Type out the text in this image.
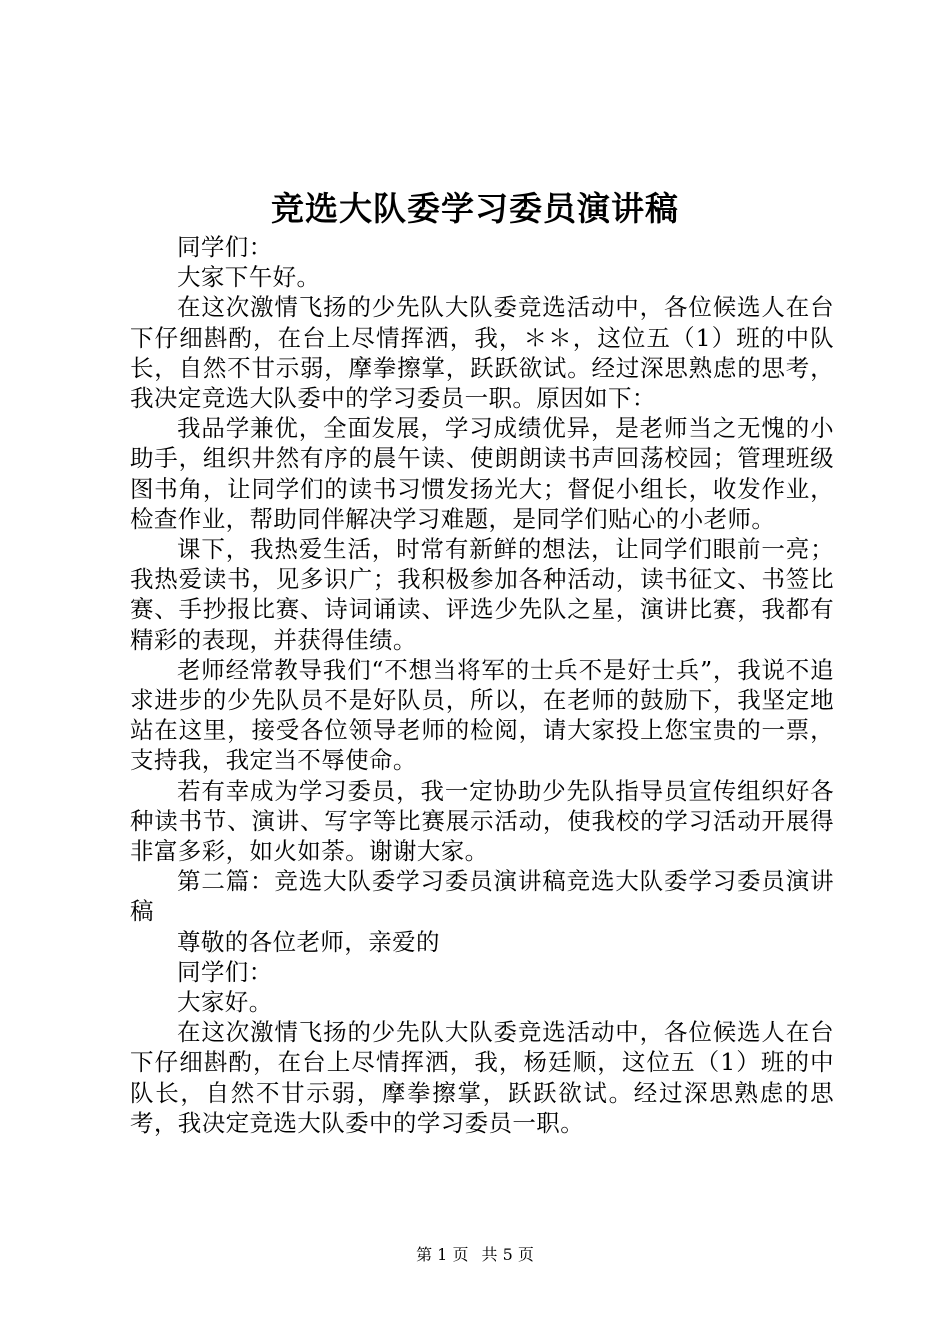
竞选大队委学习委员演讲稿

同学们：

大家下午好。

在这次激情飞扬的少先队大队委竞选活动中，各位候选人在台下仔细斟酌，在台上尽情挥洒，我，＊＊，这位五（1）班的中队长，自然不甘示弱，摩拳擦掌，跃跃欲试。经过深思熟虑的思考，我决定竞选大队委中的学习委员一职。原因如下：

我品学兼优，全面发展，学习成绩优异，是老师当之无愧的小助手，组织井然有序的晨午读、使朗朗读书声回荡校园；管理班级图书角，让同学们的读书习惯发扬光大；督促小组长，收发作业，检查作业，帮助同伴解决学习难题，是同学们贴心的小老师。

课下，我热爱生活，时常有新鲜的想法，让同学们眼前一亮；我热爱读书，见多识广；我积极参加各种活动，读书征文、书签比赛、手抄报比赛、诗词诵读、评选少先队之星，演讲比赛，我都有精彩的表现，并获得佳绩。

老师经常教导我们“不想当将军的士兵不是好士兵”，我说不追求进步的少先队员不是好队员，所以，在老师的鼓励下，我坚定地站在这里，接受各位领导老师的检阅，请大家投上您宝贵的一票，支持我，我定当不辱使命。

若有幸成为学习委员，我一定协助少先队指导员宣传组织好各种读书节、演讲、写字等比赛展示活动，使我校的学习活动开展得非富多彩，如火如荼。谢谢大家。

第二篇：竞选大队委学习委员演讲稿竞选大队委学习委员演讲稿

尊敬的各位老师，亲爱的

同学们：

大家好。

在这次激情飞扬的少先队大队委竞选活动中，各位候选人在台下仔细斟酌，在台上尽情挥洒，我，杨廷顺，这位五（1）班的中队长，自然不甘示弱，摩拳擦掌，跃跃欲试。经过深思熟虑的思考，我决定竞选大队委中的学习委员一职。

第 1 页 共 5 页
